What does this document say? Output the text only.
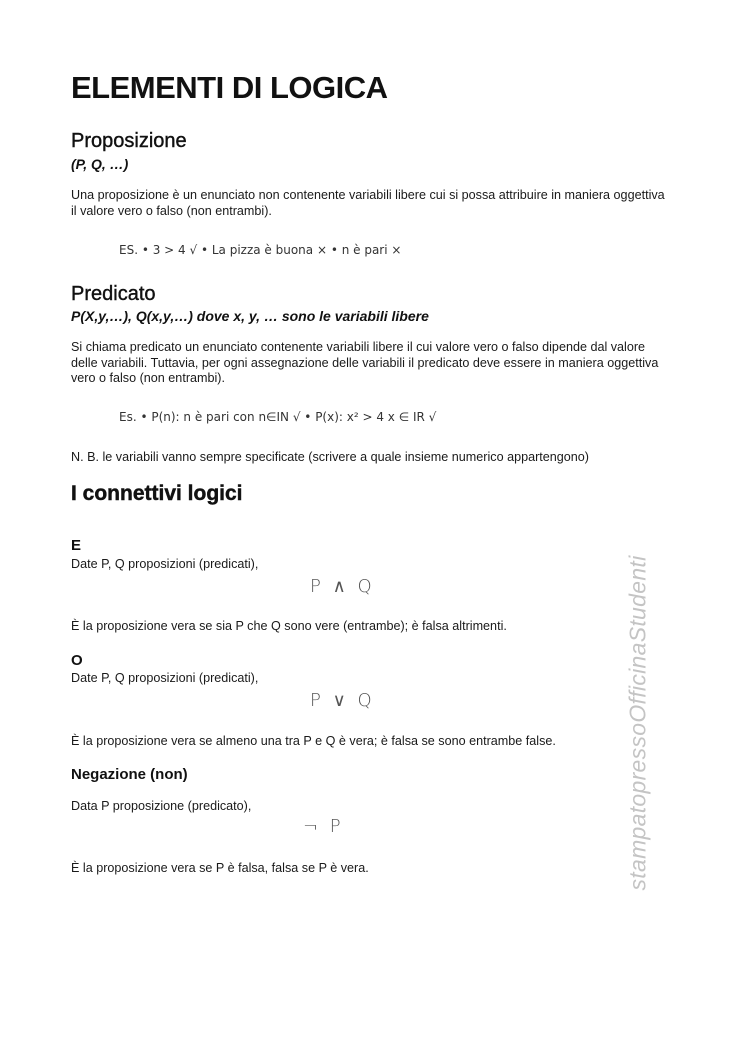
ELEMENTI DI LOGICA
Proposizione

(P, Q, …)

Una proposizione è un enunciato non contenente variabili libere cui si possa attribuire in maniera oggettiva il valore vero o falso (non entrambi).

ES. • 3 > 4 √ • La pizza è buona × • n è pari ×
Predicato

P(X,y,…), Q(x,y,…) dove x, y, … sono le variabili libere

Si chiama predicato un enunciato contenente variabili libere il cui valore vero o falso dipende dal valore delle variabili. Tuttavia, per ogni assegnazione delle variabili il predicato deve essere in maniera oggettiva vero o falso (non entrambi).

Es. • P(n): n è pari con n∈IN √ • P(x): x² > 4 x ∈ IR √

N. B. le variabili vanno sempre specificate (scrivere a quale insieme numerico appartengono)

I connettivi logici
E

Date P, Q proposizioni (predicati),

P ∧ Q

È la proposizione vera se sia P che Q sono vere (entrambe); è falsa altrimenti.

O

Date P, Q proposizioni (predicati),

P ∨ Q

È la proposizione vera se almeno una tra P e Q è vera; è falsa se sono entrambe false.

Negazione (non)

Data P proposizione (predicato),

¬ P

È la proposizione vera se P è falsa, falsa se P è vera.	stampatopressoOfficinaStudenti
